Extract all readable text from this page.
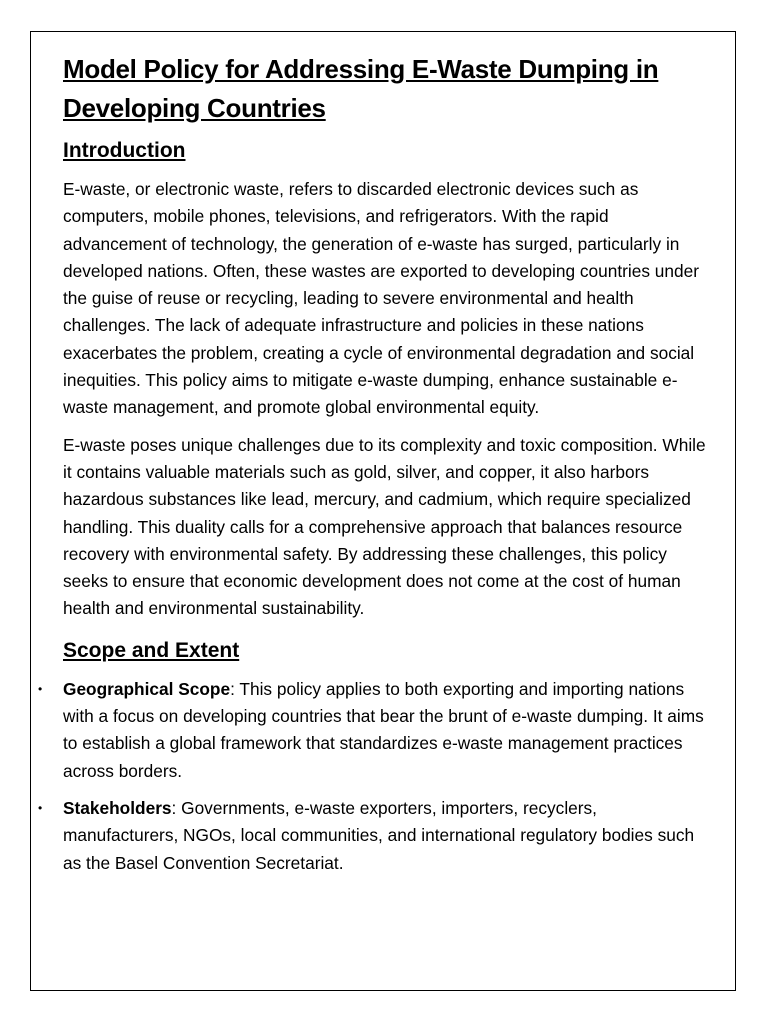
Model Policy for Addressing E-Waste Dumping in Developing Countries
Introduction

E-waste, or electronic waste, refers to discarded electronic devices such as computers, mobile phones, televisions, and refrigerators. With the rapid advancement of technology, the generation of e-waste has surged, particularly in developed nations. Often, these wastes are exported to developing countries under the guise of reuse or recycling, leading to severe environmental and health challenges. The lack of adequate infrastructure and policies in these nations exacerbates the problem, creating a cycle of environmental degradation and social inequities. This policy aims to mitigate e-waste dumping, enhance sustainable e-waste management, and promote global environmental equity.

E-waste poses unique challenges due to its complexity and toxic composition. While it contains valuable materials such as gold, silver, and copper, it also harbors hazardous substances like lead, mercury, and cadmium, which require specialized handling. This duality calls for a comprehensive approach that balances resource recovery with environmental safety. By addressing these challenges, this policy seeks to ensure that economic development does not come at the cost of human health and environmental sustainability.

Scope and Extent
• Geographical Scope: This policy applies to both exporting and importing nations with a focus on developing countries that bear the brunt of e-waste dumping. It aims to establish a global framework that standardizes e-waste management practices across borders.
• Stakeholders: Governments, e-waste exporters, importers, recyclers, manufacturers, NGOs, local communities, and international regulatory bodies such as the Basel Convention Secretariat.
